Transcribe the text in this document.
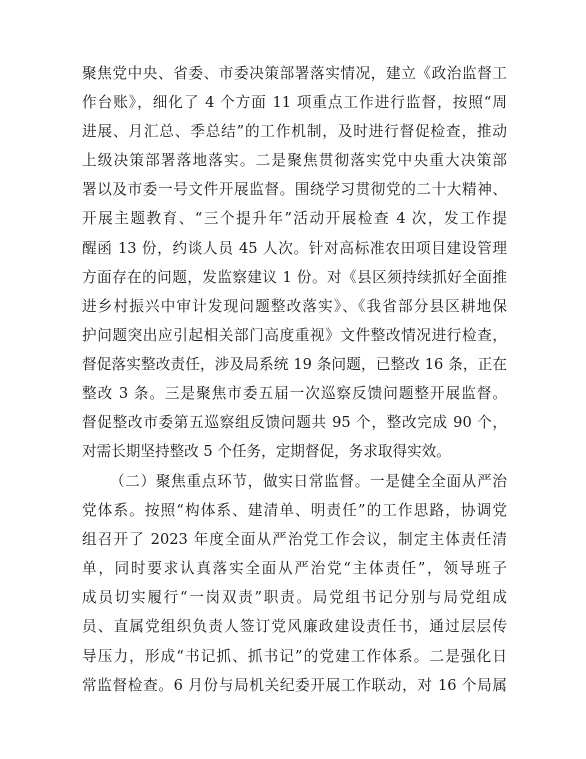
聚焦党中央、省委、市委决策部署落实情况，建立《政治监督工
作台账》，细化了 4 个方面 11 项重点工作进行监督，按照“周
进展、月汇总、季总结”的工作机制，及时进行督促检查，推动
上级决策部署落地落实。二是聚焦贯彻落实党中央重大决策部
署以及市委一号文件开展监督。围绕学习贯彻党的二十大精神、
开展主题教育、“三个提升年”活动开展检查 4 次，发工作提
醒函 13 份，约谈人员 45 人次。针对高标准农田项目建设管理
方面存在的问题，发监察建议 1 份。对《县区须持续抓好全面推
进乡村振兴中审计发现问题整改落实》、《我省部分县区耕地保
护问题突出应引起相关部门高度重视》文件整改情况进行检查，
督促落实整改责任，涉及局系统 19 条问题，已整改 16 条，正在
整改 3 条。三是聚焦市委五届一次巡察反馈问题整开展监督。
督促整改市委第五巡察组反馈问题共 95 个，整改完成 90 个，
对需长期坚持整改 5 个任务，定期督促，务求取得实效。
（二）聚焦重点环节，做实日常监督。一是健全全面从严治
党体系。按照“构体系、建清单、明责任”的工作思路，协调党
组召开了 2023 年度全面从严治党工作会议，制定主体责任清
单，同时要求认真落实全面从严治党“主体责任”，领导班子
成员切实履行“一岗双责”职责。局党组书记分别与局党组成
员、直属党组织负责人签订党风廉政建设责任书，通过层层传
导压力，形成“书记抓、抓书记”的党建工作体系。二是强化日
常监督检查。6 月份与局机关纪委开展工作联动，对 16 个局属
